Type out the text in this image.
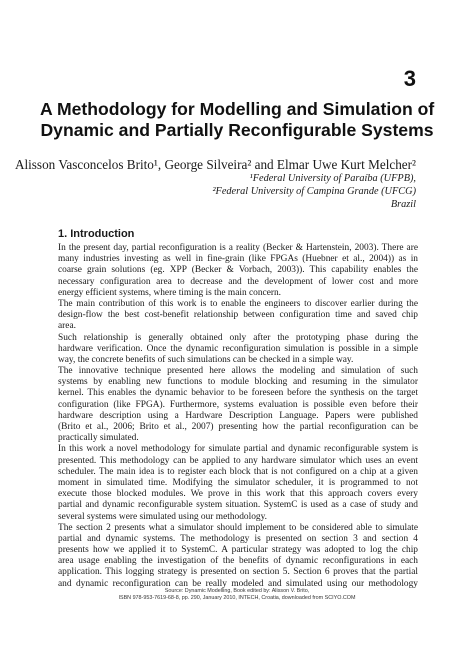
3
A Methodology for Modelling and Simulation of
Dynamic and Partially Reconfigurable Systems
Alisson Vasconcelos Brito¹, George Silveira² and Elmar Uwe Kurt Melcher²
¹Federal University of Paraíba (UFPB),
²Federal University of Campina Grande (UFCG)
Brazil
1. Introduction
In the present day, partial reconfiguration is a reality (Becker & Hartenstein, 2003). There are
many industries investing as well in fine-grain (like FPGAs (Huebner et al., 2004)) as in
coarse grain solutions (eg. XPP (Becker & Vorbach, 2003)). This capability enables the
necessary configuration area to decrease and the development of lower cost and more
energy efficient systems, where timing is the main concern.
The main contribution of this work is to enable the engineers to discover earlier during the
design-flow the best cost-benefit relationship between configuration time and saved chip
area.
Such relationship is generally obtained only after the prototyping phase during the
hardware verification. Once the dynamic reconfiguration simulation is possible in a simple
way, the concrete benefits of such simulations can be checked in a simple way.
The innovative technique presented here allows the modeling and simulation of such
systems by enabling new functions to module blocking and resuming in the simulator
kernel. This enables the dynamic behavior to be foreseen before the synthesis on the target
configuration (like FPGA). Furthermore, systems evaluation is possible even before their
hardware description using a Hardware Description Language. Papers were published
(Brito et al., 2006; Brito et al., 2007) presenting how the partial reconfiguration can be
practically simulated.
In this work a novel methodology for simulate partial and dynamic reconfigurable system is
presented. This methodology can be applied to any hardware simulator which uses an event
scheduler. The main idea is to register each block that is not configured on a chip at a given
moment in simulated time. Modifying the simulator scheduler, it is programmed to not
execute those blocked modules. We prove in this work that this approach covers every
partial and dynamic reconfigurable system situation. SystemC is used as a case of study and
several systems were simulated using our methodology.
The section 2 presents what a simulator should implement to be considered able to simulate
partial and dynamic systems. The methodology is presented on section 3 and section 4
presents how we applied it to SystemC. A particular strategy was adopted to log the chip
area usage enabling the investigation of the benefits of dynamic reconfigurations in each
application. This logging strategy is presented on section 5. Section 6 proves that the partial
and dynamic reconfiguration can be really modeled and simulated using our methodology
Source: Dynamic Modelling, Book edited by: Alisson V. Brito,
ISBN 978-953-7619-68-8, pp. 290, January 2010, INTECH, Croatia, downloaded from SCIYO.COM
